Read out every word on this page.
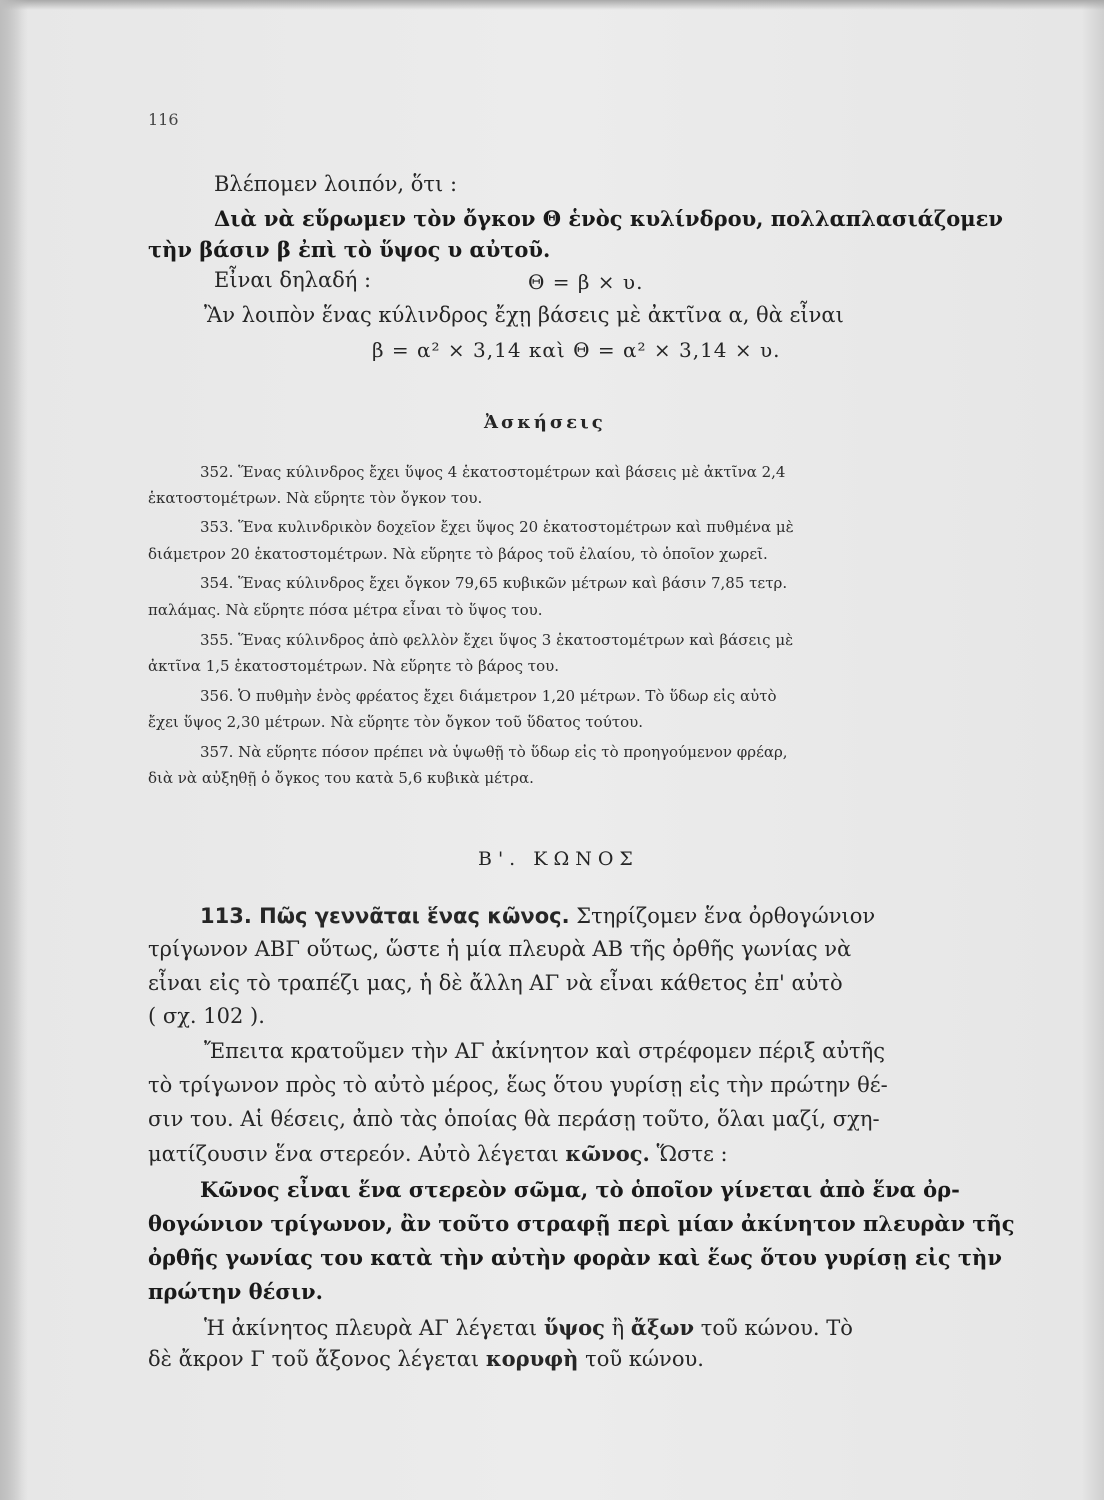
116
Βλέπομεν λοιπόν, ὅτι :
Διὰ νὰ εὕρωμεν τὸν ὄγκον Θ ἑνὸς κυλίνδρου, πολλαπλασιάζομεν
τὴν βάσιν β ἐπὶ τὸ ὕψος υ αὐτοῦ.
Εἶναι δηλαδή :	Θ = β × υ.
Ἂν λοιπὸν ἕνας κύλινδρος ἔχῃ βάσεις μὲ ἀκτῖνα α, θὰ εἶναι
β = α² × 3,14 καὶ Θ = α² × 3,14 × υ.
Ἀσκήσεις
352. Ἕνας κύλινδρος ἔχει ὕψος 4 ἑκατοστομέτρων καὶ βάσεις μὲ ἀκτῖνα 2,4
ἑκατοστομέτρων. Νὰ εὕρητε τὸν ὄγκον του.
353. Ἕνα κυλινδρικὸν δοχεῖον ἔχει ὕψος 20 ἑκατοστομέτρων καὶ πυθμένα μὲ
διάμετρον 20 ἑκατοστομέτρων. Νὰ εὕρητε τὸ βάρος τοῦ ἐλαίου, τὸ ὁποῖον χωρεῖ.
354. Ἕνας κύλινδρος ἔχει ὄγκον 79,65 κυβικῶν μέτρων καὶ βάσιν 7,85 τετρ.
παλάμας. Νὰ εὕρητε πόσα μέτρα εἶναι τὸ ὕψος του.
355. Ἕνας κύλινδρος ἀπὸ φελλὸν ἔχει ὕψος 3 ἑκατοστομέτρων καὶ βάσεις μὲ
ἀκτῖνα 1,5 ἑκατοστομέτρων. Νὰ εὕρητε τὸ βάρος του.
356. Ὁ πυθμὴν ἑνὸς φρέατος ἔχει διάμετρον 1,20 μέτρων. Τὸ ὕδωρ εἰς αὐτὸ
ἔχει ὕψος 2,30 μέτρων. Νὰ εὕρητε τὸν ὄγκον τοῦ ὕδατος τούτου.
357. Νὰ εὕρητε πόσον πρέπει νὰ ὑψωθῇ τὸ ὕδωρ εἰς τὸ προηγούμενον φρέαρ,
διὰ νὰ αὐξηθῇ ὁ ὄγκος του κατὰ 5,6 κυβικὰ μέτρα.
Β'. ΚΩΝΟΣ
113. Πῶς γεννᾶται ἕνας κῶνος. Στηρίζομεν ἕνα ὀρθογώνιον
τρίγωνον ΑΒΓ οὕτως, ὥστε ἡ μία πλευρὰ ΑΒ τῆς ὀρθῆς γωνίας νὰ
εἶναι εἰς τὸ τραπέζι μας, ἡ δὲ ἄλλη ΑΓ νὰ εἶναι κάθετος ἐπ' αὐτὸ
( σχ. 102 ).
Ἔπειτα κρατοῦμεν τὴν ΑΓ ἀκίνητον καὶ στρέφομεν πέριξ αὐτῆς
τὸ τρίγωνον πρὸς τὸ αὐτὸ μέρος, ἕως ὅτου γυρίσῃ εἰς τὴν πρώτην θέ-
σιν του. Αἱ θέσεις, ἀπὸ τὰς ὁποίας θὰ περάσῃ τοῦτο, ὅλαι μαζί, σχη-
ματίζουσιν ἕνα στερεόν. Αὐτὸ λέγεται κῶνος. Ὥστε :
Κῶνος εἶναι ἕνα στερεὸν σῶμα, τὸ ὁποῖον γίνεται ἀπὸ ἕνα ὀρ-
θογώνιον τρίγωνον, ἂν τοῦτο στραφῇ περὶ μίαν ἀκίνητον πλευρὰν τῆς
ὀρθῆς γωνίας του κατὰ τὴν αὐτὴν φορὰν καὶ ἕως ὅτου γυρίσῃ εἰς τὴν
πρώτην θέσιν.
Ἡ ἀκίνητος πλευρὰ ΑΓ λέγεται ὕψος ἢ ἄξων τοῦ κώνου. Τὸ
δὲ ἄκρον Γ τοῦ ἄξονος λέγεται κορυφὴ τοῦ κώνου.
